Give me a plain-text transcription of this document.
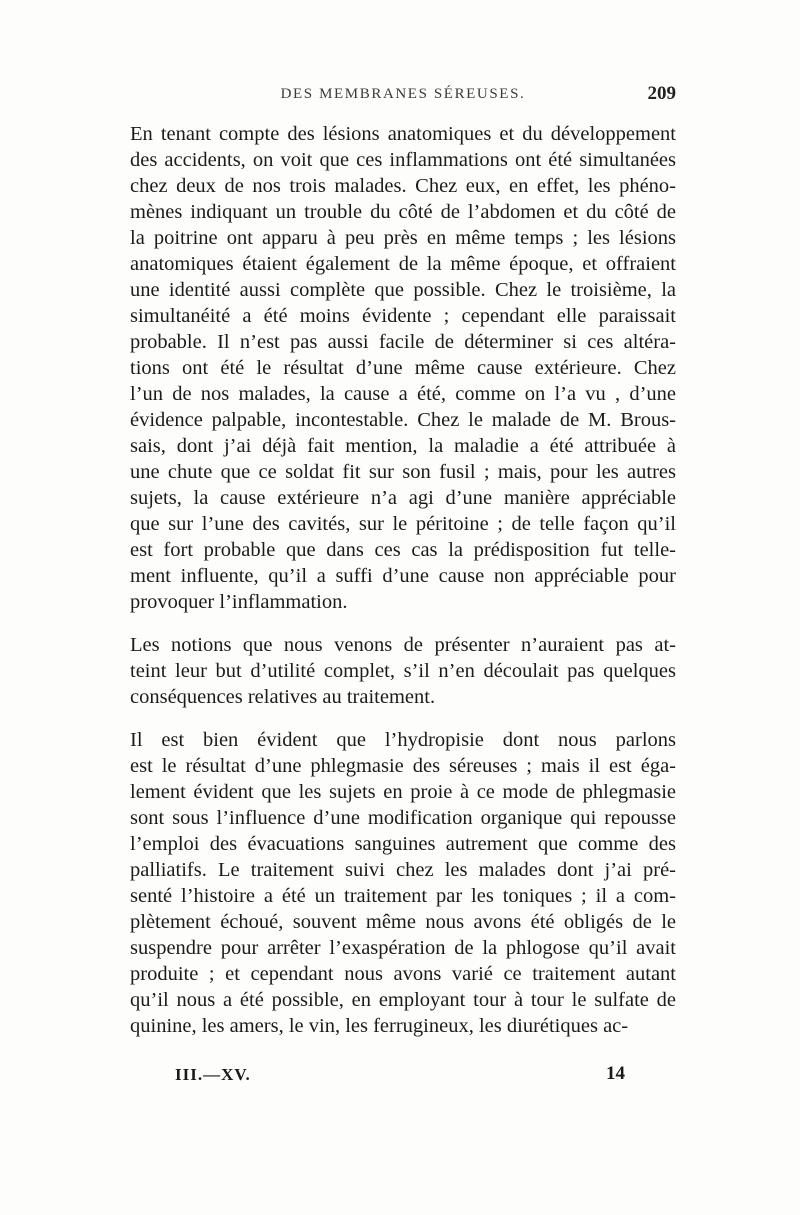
DES MEMBRANES SÉREUSES.	209
En tenant compte des lésions anatomiques et du développement
des accidents, on voit que ces inflammations ont été simultanées
chez deux de nos trois malades. Chez eux, en effet, les phéno-
mènes indiquant un trouble du côté de l’abdomen et du côté de
la poitrine ont apparu à peu près en même temps ; les lésions
anatomiques étaient également de la même époque, et offraient
une identité aussi complète que possible. Chez le troisième, la
simultanéité a été moins évidente ; cependant elle paraissait
probable. Il n’est pas aussi facile de déterminer si ces altéra-
tions ont été le résultat d’une même cause extérieure. Chez
l’un de nos malades, la cause a été, comme on l’a vu , d’une
évidence palpable, incontestable. Chez le malade de M. Brous-
sais, dont j’ai déjà fait mention, la maladie a été attribuée à
une chute que ce soldat fit sur son fusil ; mais, pour les autres
sujets, la cause extérieure n’a agi d’une manière appréciable
que sur l’une des cavités, sur le péritoine ; de telle façon qu’il
est fort probable que dans ces cas la prédisposition fut telle-
ment influente, qu’il a suffi d’une cause non appréciable pour
provoquer l’inflammation.
Les notions que nous venons de présenter n’auraient pas at-
teint leur but d’utilité complet, s’il n’en découlait pas quelques
conséquences relatives au traitement.
Il est bien évident que l’hydropisie dont nous parlons
est le résultat d’une phlegmasie des séreuses ; mais il est éga-
lement évident que les sujets en proie à ce mode de phlegmasie
sont sous l’influence d’une modification organique qui repousse
l’emploi des évacuations sanguines autrement que comme des
palliatifs. Le traitement suivi chez les malades dont j’ai pré-
senté l’histoire a été un traitement par les toniques ; il a com-
plètement échoué, souvent même nous avons été obligés de le
suspendre pour arrêter l’exaspération de la phlogose qu’il avait
produite ; et cependant nous avons varié ce traitement autant
qu’il nous a été possible, en employant tour à tour le sulfate de
quinine, les amers, le vin, les ferrugineux, les diurétiques ac-
III.—XV.	14
